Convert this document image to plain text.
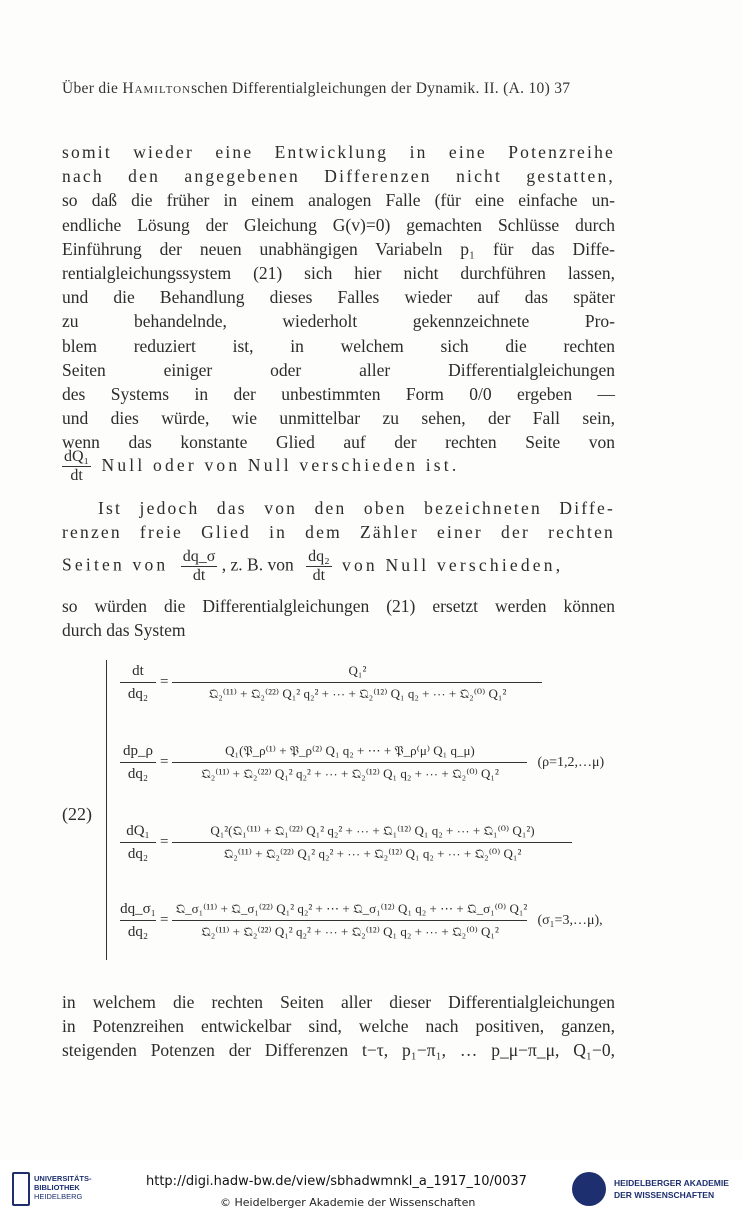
Über die Hamiltonschen Differentialgleichungen der Dynamik. II. (A. 10) 37
somit wieder eine Entwicklung in eine Potenzreihe
nach den angegebenen Differenzen nicht gestatten,
so daß die früher in einem analogen Falle (für eine einfache un-
endliche Lösung der Gleichung G(v)=0) gemachten Schlüsse durch
Einführung der neuen unabhängigen Variabeln p₁ für das Diffe-
rentialgleichungssystem (21) sich hier nicht durchführen lassen,
und die Behandlung dieses Falles wieder auf das später
zu behandelnde, wiederholt gekennzeichnete Pro-
blem reduziert ist, in welchem sich die rechten
Seiten einiger oder aller Differentialgleichungen
des Systems in der unbestimmten Form 0/0 ergeben —
und dies würde, wie unmittelbar zu sehen, der Fall sein,
wenn das konstante Glied auf der rechten Seite von
$\frac{\text{dQ₁}}{dt}$ Null oder von Null verschieden ist.
Ist jedoch das von den oben bezeichneten Diffe-
renzen freie Glied in dem Zähler einer der rechten
Seiten von $\frac{dq\_\sigma}{dt}$ , z. B. von $\frac{\text{dq₂}}{dt}$ von Null verschieden,
so würden die Differentialgleichungen (21) ersetzt werden können
durch das System
(22)
$\frac{dt}{\text{dq₂}}$ =
Q₁²
𝔔₂⁽¹¹⁾ + 𝔔₂⁽²²⁾ Q₁² q₂² + ⋯ + 𝔔₂⁽¹²⁾ Q₁ q₂ + ⋯ + 𝔔₂⁽⁰⁾ Q₁²
$\frac{dp\_\rho}{\text{dq₂}}$ =
Q₁(𝔓_ρ⁽¹⁾ + 𝔓_ρ⁽²⁾ Q₁ q₂ + ⋯ + 𝔓_ρ⁽μ⁾ Q₁ q_μ)
𝔔₂⁽¹¹⁾ + 𝔔₂⁽²²⁾ Q₁² q₂² + ⋯ + 𝔔₂⁽¹²⁾ Q₁ q₂ + ⋯ + 𝔔₂⁽⁰⁾ Q₁²
(ρ=1,2,…μ)
$\frac{\text{dQ₁}}{\text{dq₂}}$ =
Q₁²(𝔔₁⁽¹¹⁾ + 𝔔₁⁽²²⁾ Q₁² q₂² + ⋯ + 𝔔₁⁽¹²⁾ Q₁ q₂ + ⋯ + 𝔔₁⁽⁰⁾ Q₁²)
𝔔₂⁽¹¹⁾ + 𝔔₂⁽²²⁾ Q₁² q₂² + ⋯ + 𝔔₂⁽¹²⁾ Q₁ q₂ + ⋯ + 𝔔₂⁽⁰⁾ Q₁²
$\frac{\text{dq\_σ₁}}{\text{dq₂}}$ =
𝔔_σ₁⁽¹¹⁾ + 𝔔_σ₁⁽²²⁾ Q₁² q₂² + ⋯ + 𝔔_σ₁⁽¹²⁾ Q₁ q₂ + ⋯ + 𝔔_σ₁⁽⁰⁾ Q₁²
𝔔₂⁽¹¹⁾ + 𝔔₂⁽²²⁾ Q₁² q₂² + ⋯ + 𝔔₂⁽¹²⁾ Q₁ q₂ + ⋯ + 𝔔₂⁽⁰⁾ Q₁²
(σ₁=3,…μ),
in welchem die rechten Seiten aller dieser Differentialgleichungen
in Potenzreihen entwickelbar sind, welche nach positiven, ganzen,
steigenden Potenzen der Differenzen t−τ, p₁−π₁, … p_μ−π_μ, Q₁−0,
UNIVERSITÄTS-
BIBLIOTHEK
HEIDELBERG
http://digi.hadw-bw.de/view/sbhadwmnkl_a_1917_10/0037
© Heidelberger Akademie der Wissenschaften
HEIDELBERGER AKADEMIE
DER WISSENSCHAFTEN
